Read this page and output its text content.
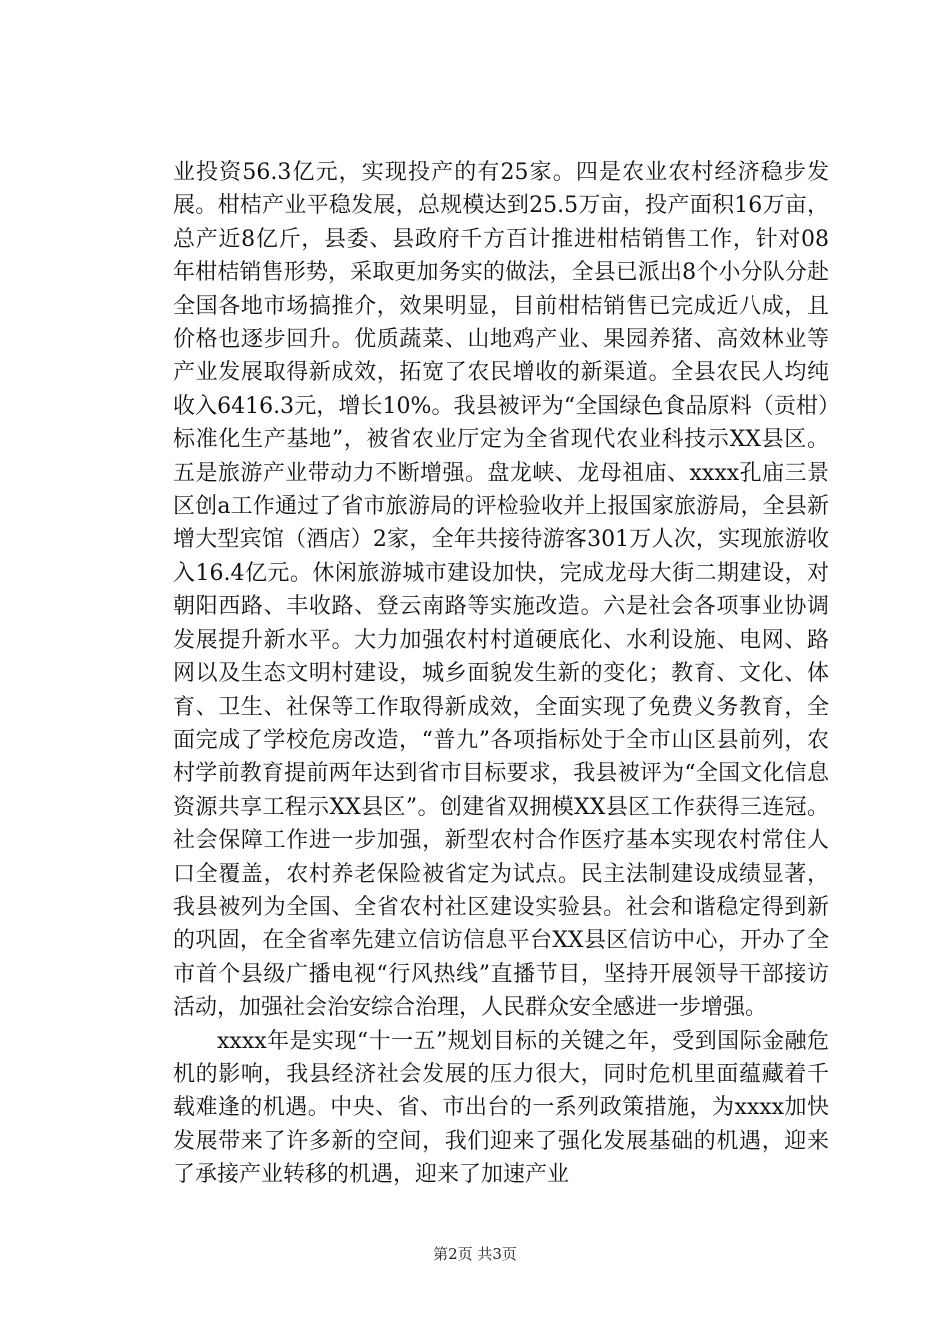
业投资56.3亿元，实现投产的有25家。四是农业农村经济稳步发展。柑桔产业平稳发展，总规模达到25.5万亩，投产面积16万亩，总产近8亿斤，县委、县政府千方百计推进柑桔销售工作，针对08年柑桔销售形势，采取更加务实的做法，全县已派出8个小分队分赴全国各地市场搞推介，效果明显，目前柑桔销售已完成近八成，且价格也逐步回升。优质蔬菜、山地鸡产业、果园养猪、高效林业等产业发展取得新成效，拓宽了农民增收的新渠道。全县农民人均纯收入6416.3元，增长10%。我县被评为“全国绿色食品原料（贡柑）标准化生产基地”，被省农业厅定为全省现代农业科技示XX县区。五是旅游产业带动力不断增强。盘龙峡、龙母祖庙、xxxx孔庙三景区创a工作通过了省市旅游局的评检验收并上报国家旅游局，全县新增大型宾馆（酒店）2家，全年共接待游客301万人次，实现旅游收入16.4亿元。休闲旅游城市建设加快，完成龙母大街二期建设，对朝阳西路、丰收路、登云南路等实施改造。六是社会各项事业协调发展提升新水平。大力加强农村村道硬底化、水利设施、电网、路网以及生态文明村建设，城乡面貌发生新的变化；教育、文化、体育、卫生、社保等工作取得新成效，全面实现了免费义务教育，全面完成了学校危房改造，“普九”各项指标处于全市山区县前列，农村学前教育提前两年达到省市目标要求，我县被评为“全国文化信息资源共享工程示XX县区”。创建省双拥模XX县区工作获得三连冠。社会保障工作进一步加强，新型农村合作医疗基本实现农村常住人口全覆盖，农村养老保险被省定为试点。民主法制建设成绩显著，我县被列为全国、全省农村社区建设实验县。社会和谐稳定得到新的巩固，在全省率先建立信访信息平台XX县区信访中心，开办了全市首个县级广播电视“行风热线”直播节目，坚持开展领导干部接访活动，加强社会治安综合治理，人民群众安全感进一步增强。

xxxx年是实现“十一五”规划目标的关键之年，受到国际金融危机的影响，我县经济社会发展的压力很大，同时危机里面蕴藏着千载难逢的机遇。中央、省、市出台的一系列政策措施，为xxxx加快发展带来了许多新的空间，我们迎来了强化发展基础的机遇，迎来了承接产业转移的机遇，迎来了加速产业

第2页 共3页
